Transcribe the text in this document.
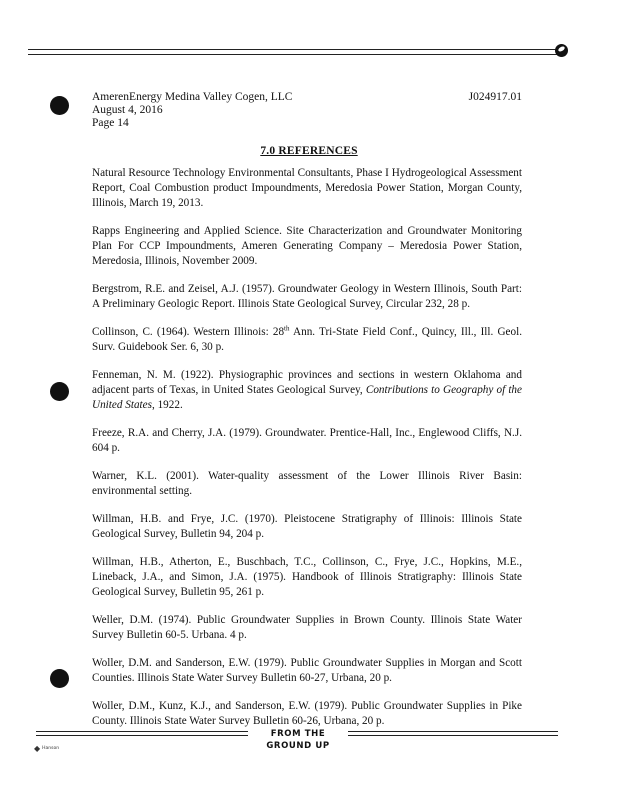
AmerenEnergy Medina Valley Cogen, LLC	J024917.01
August 4, 2016
Page 14
7.0 REFERENCES

Natural Resource Technology Environmental Consultants, Phase I Hydrogeological Assessment Report, Coal Combustion product Impoundments, Meredosia Power Station, Morgan County, Illinois, March 19, 2013.

Rapps Engineering and Applied Science. Site Characterization and Groundwater Monitoring Plan For CCP Impoundments, Ameren Generating Company – Meredosia Power Station, Meredosia, Illinois, November 2009.

Bergstrom, R.E. and Zeisel, A.J. (1957). Groundwater Geology in Western Illinois, South Part: A Preliminary Geologic Report. Illinois State Geological Survey, Circular 232, 28 p.

Collinson, C. (1964). Western Illinois: 28th Ann. Tri-State Field Conf., Quincy, Ill., Ill. Geol. Surv. Guidebook Ser. 6, 30 p.

Fenneman, N. M. (1922). Physiographic provinces and sections in western Oklahoma and adjacent parts of Texas, in United States Geological Survey, Contributions to Geography of the United States, 1922.

Freeze, R.A. and Cherry, J.A. (1979). Groundwater. Prentice-Hall, Inc., Englewood Cliffs, N.J. 604 p.

Warner, K.L. (2001). Water-quality assessment of the Lower Illinois River Basin: environmental setting.

Willman, H.B. and Frye, J.C. (1970). Pleistocene Stratigraphy of Illinois: Illinois State Geological Survey, Bulletin 94, 204 p.

Willman, H.B., Atherton, E., Buschbach, T.C., Collinson, C., Frye, J.C., Hopkins, M.E., Lineback, J.A., and Simon, J.A. (1975). Handbook of Illinois Stratigraphy: Illinois State Geological Survey, Bulletin 95, 261 p.

Weller, D.M. (1974). Public Groundwater Supplies in Brown County. Illinois State Water Survey Bulletin 60-5. Urbana. 4 p.

Woller, D.M. and Sanderson, E.W. (1979). Public Groundwater Supplies in Morgan and Scott Counties. Illinois State Water Survey Bulletin 60-27, Urbana, 20 p.

Woller, D.M., Kunz, K.J., and Sanderson, E.W. (1979). Public Groundwater Supplies in Pike County. Illinois State Water Survey Bulletin 60-26, Urbana, 20 p.

FROM THE GROUND UP
◆ Hanson
